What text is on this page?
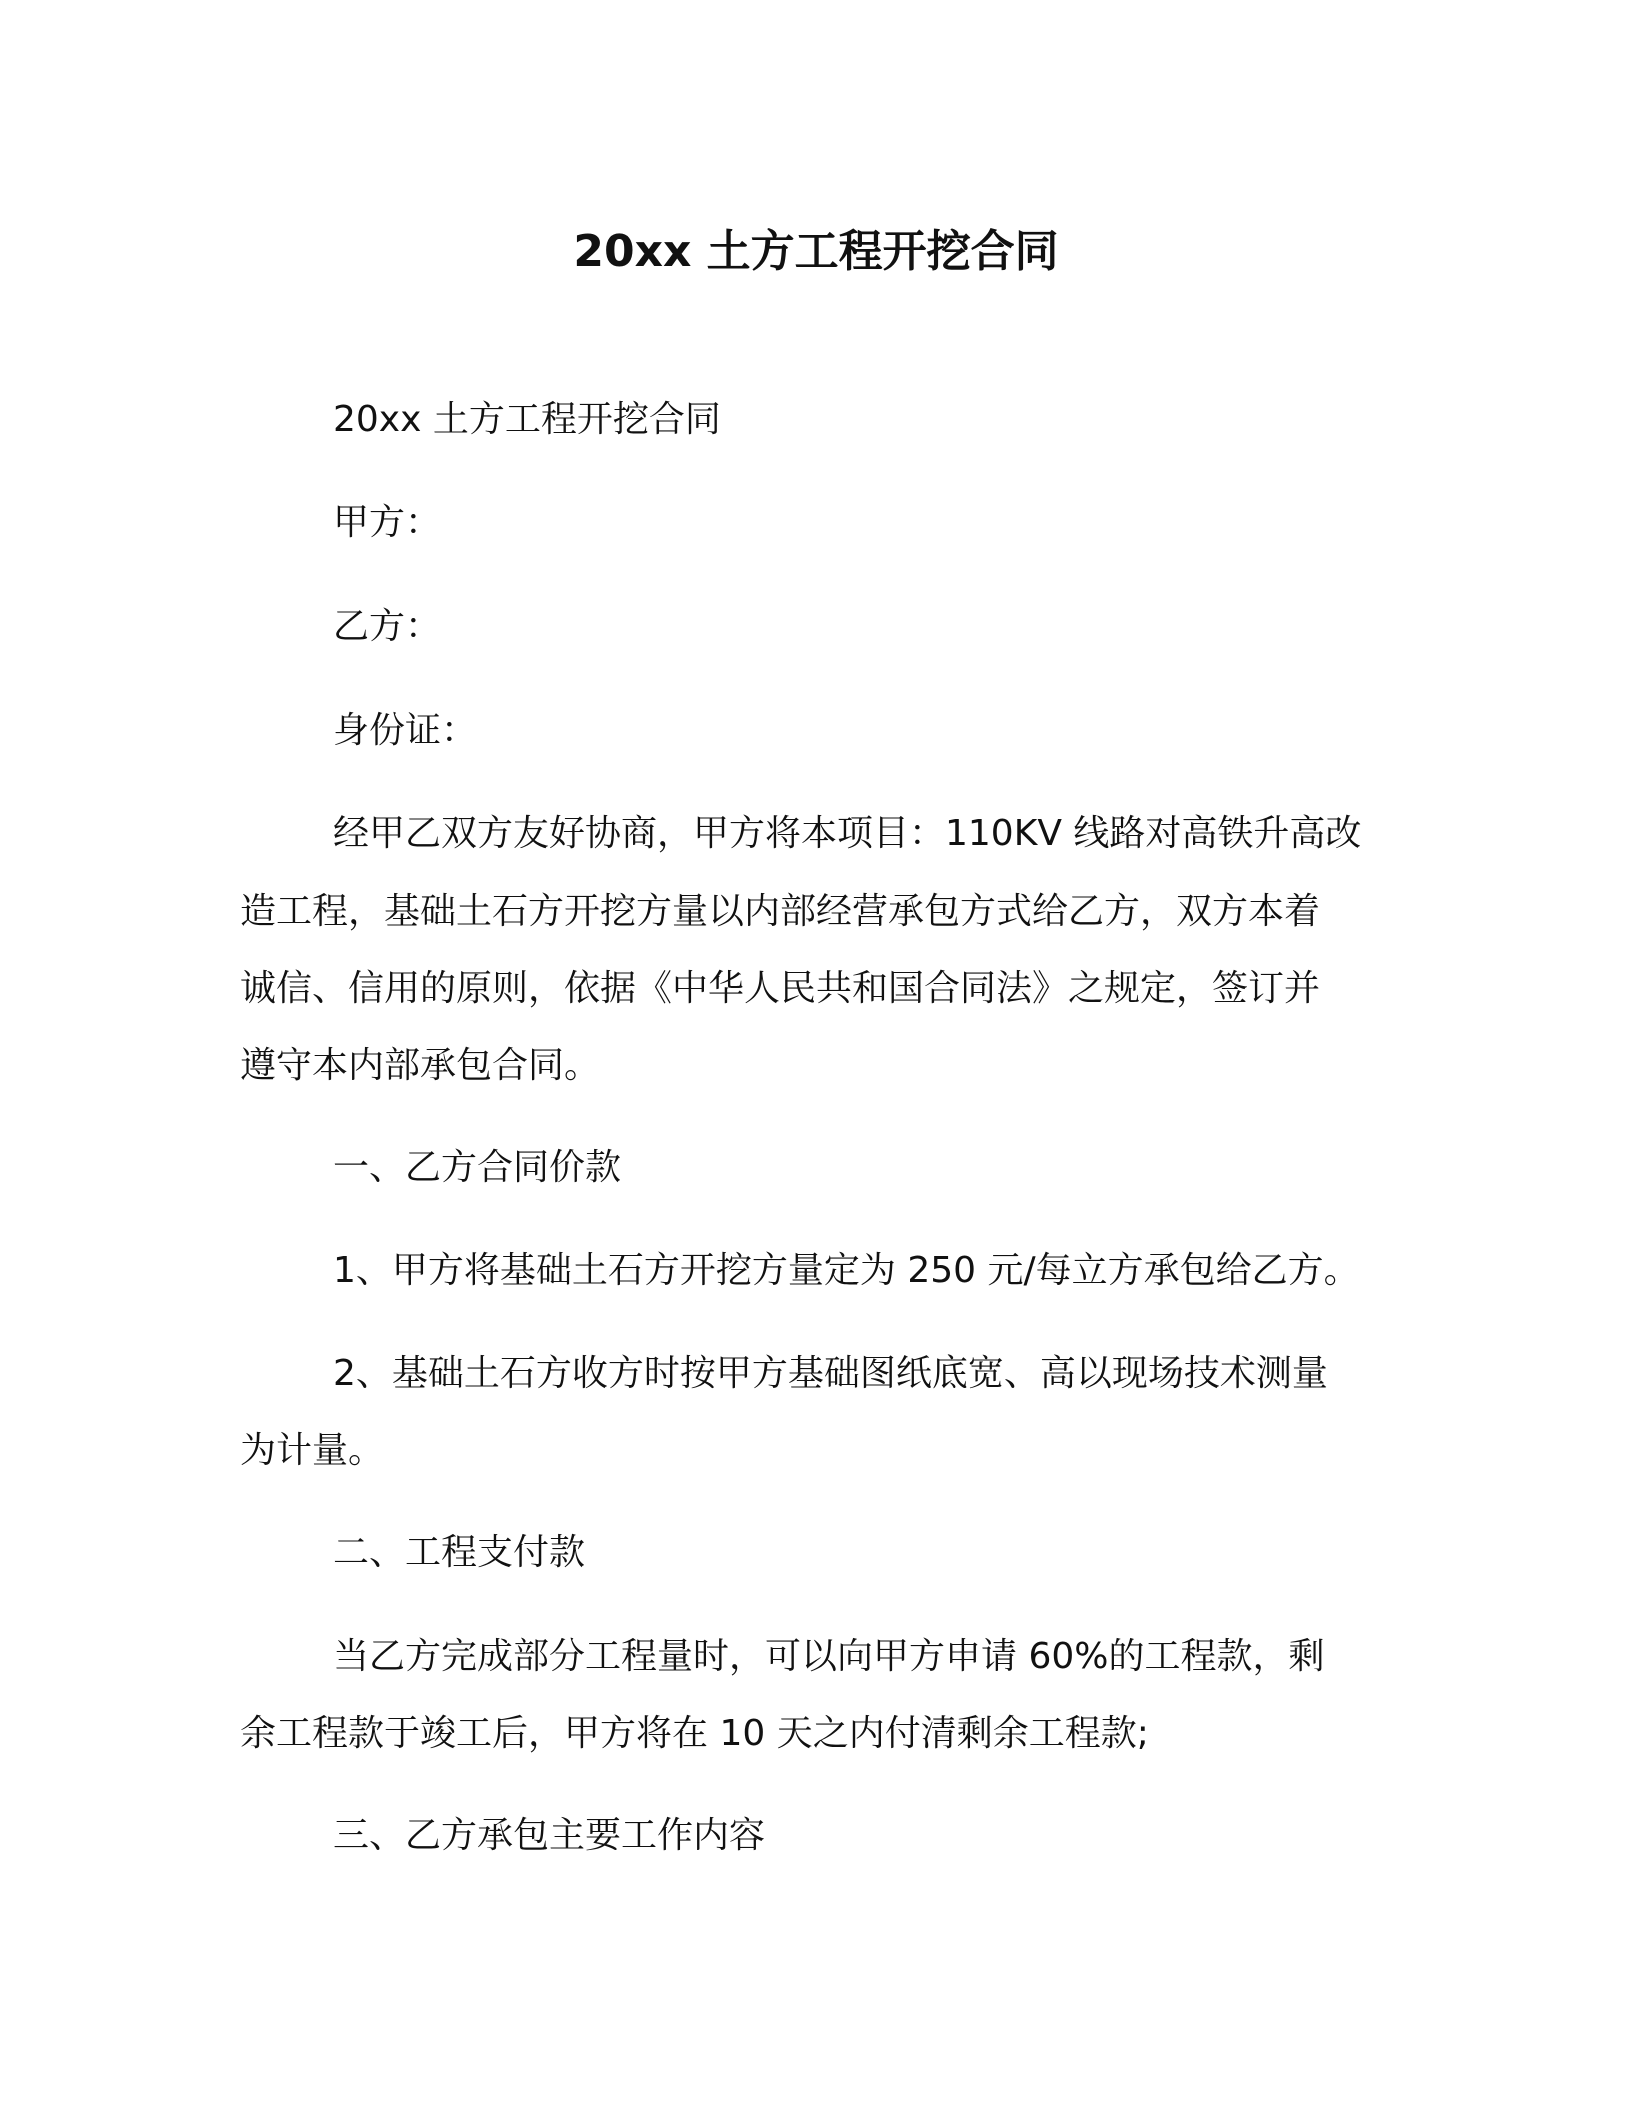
20xx 土方工程开挖合同
20xx 土方工程开挖合同
甲方：
乙方：
身份证：
经甲乙双方友好协商，甲方将本项目：110KV 线路对高铁升高改
造工程，基础土石方开挖方量以内部经营承包方式给乙方，双方本着
诚信、信用的原则，依据《中华人民共和国合同法》之规定，签订并
遵守本内部承包合同。
一、乙方合同价款
1、甲方将基础土石方开挖方量定为 250 元/每立方承包给乙方。
2、基础土石方收方时按甲方基础图纸底宽、高以现场技术测量
为计量。
二、工程支付款
当乙方完成部分工程量时，可以向甲方申请 60%的工程款，剩
余工程款于竣工后，甲方将在 10 天之内付清剩余工程款;
三、乙方承包主要工作内容
